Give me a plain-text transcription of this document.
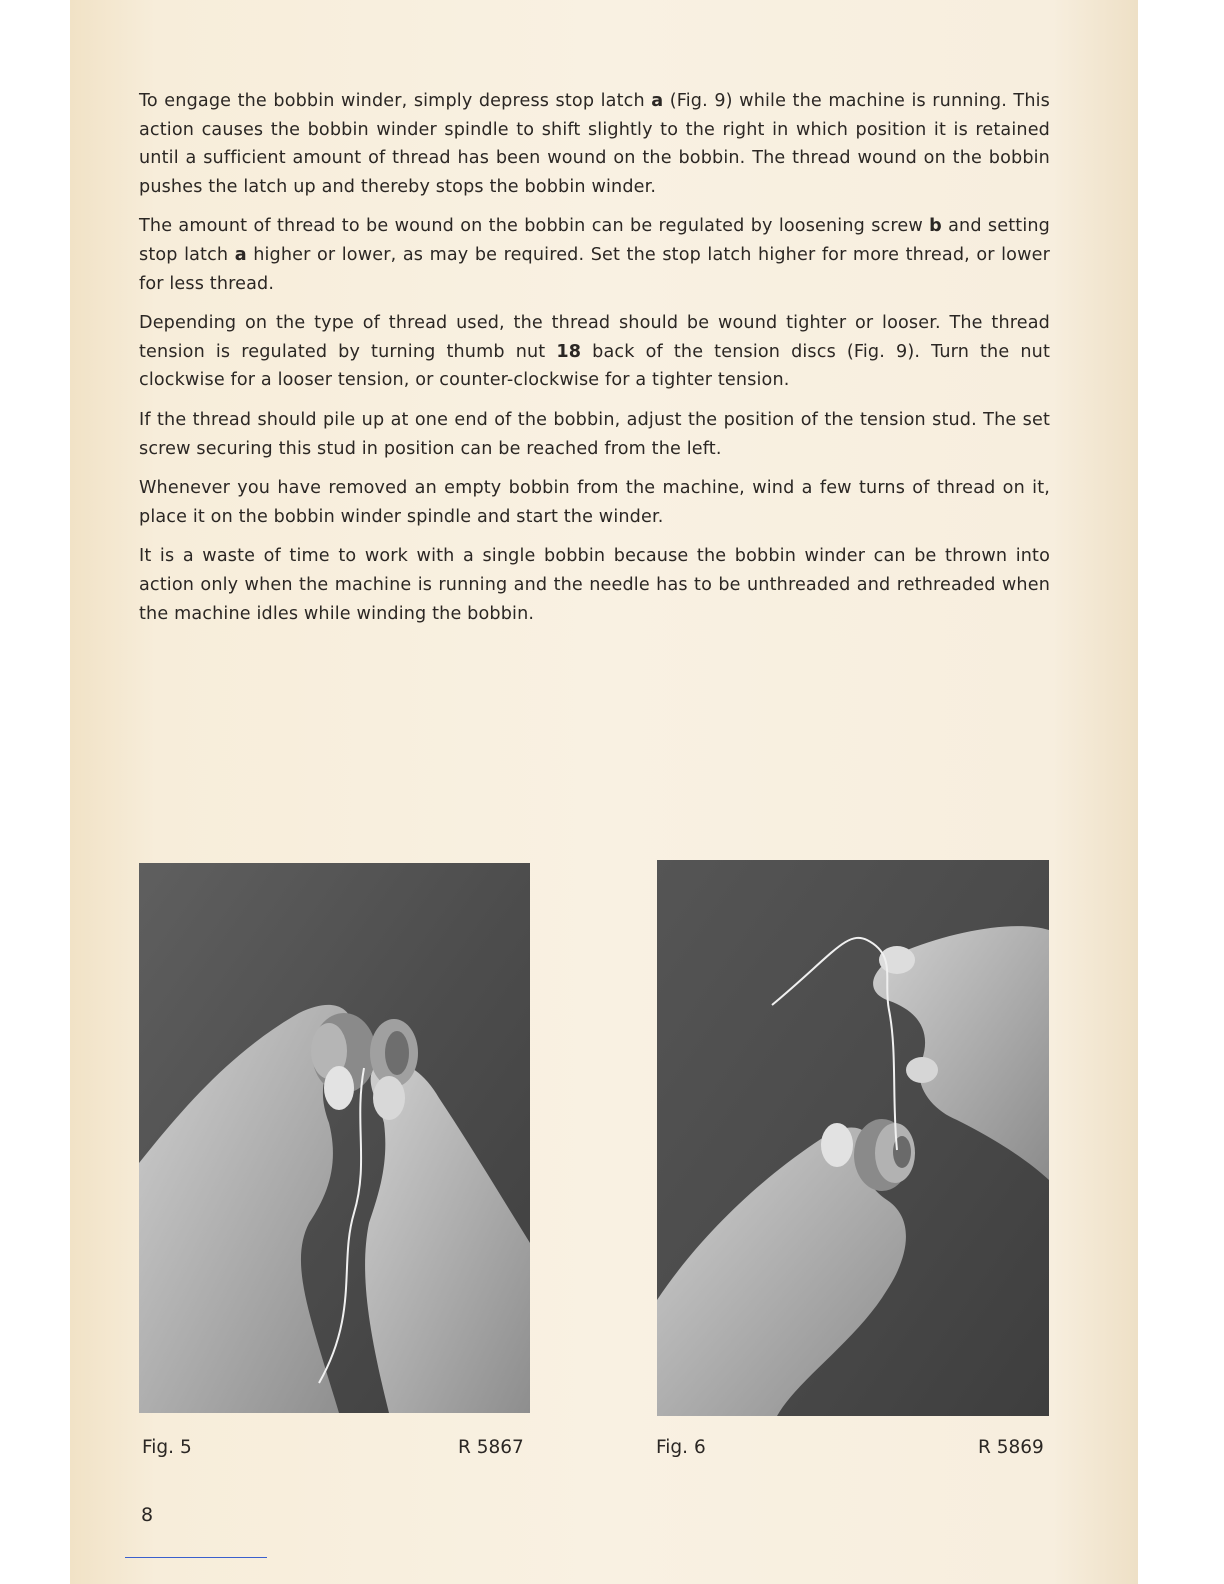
To engage the bobbin winder, simply depress stop latch a (Fig. 9) while the machine is running. This action causes the bobbin winder spindle to shift slightly to the right in which position it is retained until a sufficient amount of thread has been wound on the bobbin. The thread wound on the bobbin pushes the latch up and thereby stops the bobbin winder.

The amount of thread to be wound on the bobbin can be regulated by loosening screw b and setting stop latch a higher or lower, as may be required. Set the stop latch higher for more thread, or lower for less thread.

Depending on the type of thread used, the thread should be wound tighter or looser. The thread tension is regulated by turning thumb nut 18 back of the tension discs (Fig. 9). Turn the nut clockwise for a looser tension, or counter-clockwise for a tighter tension.

If the thread should pile up at one end of the bobbin, adjust the position of the tension stud. The set screw securing this stud in position can be reached from the left.

Whenever you have removed an empty bobbin from the machine, wind a few turns of thread on it, place it on the bobbin winder spindle and start the winder.

It is a waste of time to work with a single bobbin because the bobbin winder can be thrown into action only when the machine is running and the needle has to be unthreaded and rethreaded when the machine idles while winding the bobbin.

Fig. 5	R 5867	Fig. 6	R 5869
8
